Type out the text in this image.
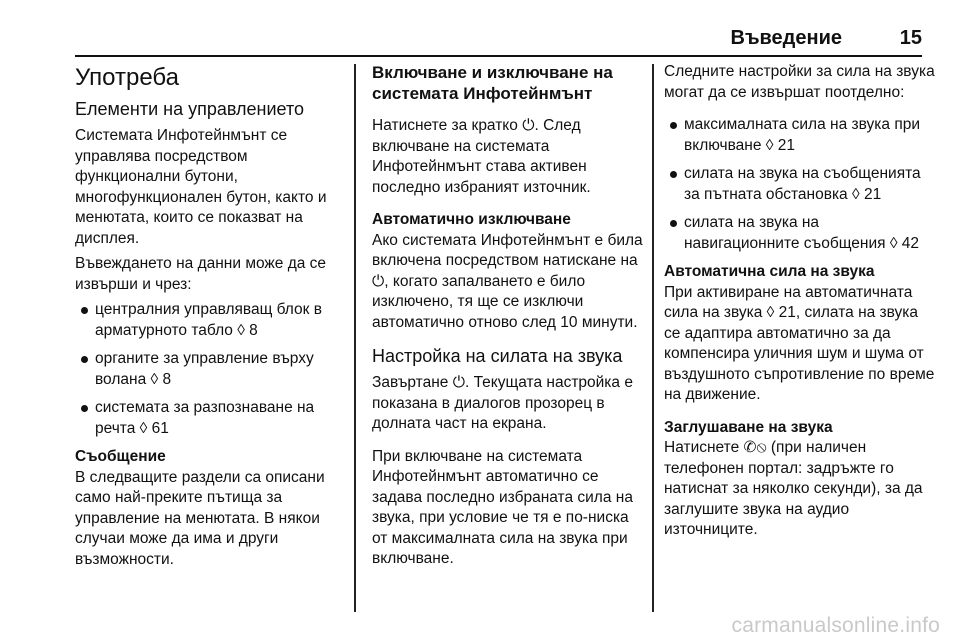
Въведение	15
Употреба
Елементи на управлението

Системата Инфотейнмънт се управлява посредством функционални бутони, многофункционален бутон, както и менютата, които се показват на дисплея.

Въвеждането на данни може да се извърши и чрез:

централния управляващ блок в арматурното табло ◊ 8
органите за управление върху волана ◊ 8
системата за разпознаване на речта ◊ 61
Съобщение

В следващите раздели са описани само най-преките пътища за управление на менютата. В някои случаи може да има и други възможности.

Включване и изключване на системата Инфотейнмънт

Натиснете за кратко ⏻. След включване на системата Инфотейнмънт става активен последно избраният източник.

Автоматично изключване

Ако системата Инфотейнмънт е била включена посредством натискане на ⏻, когато запалването е било изключено, тя ще се изключи автоматично отново след 10 минути.

Настройка на силата на звука

Завъртане ⏻. Текущата настройка е показана в диалогов прозорец в долната част на екрана.

При включване на системата Инфотейнмънт автоматично се задава последно избраната сила на звука, при условие че тя е по-ниска от максималната сила на звука при включване.

Следните настройки за сила на звука могат да се извършат поотделно:

максималната сила на звука при включване ◊ 21
силата на звука на съобщенията за пътната обстановка ◊ 21
силата на звука на навигационните съобщения ◊ 42
Автоматична сила на звука

При активиране на автоматичната сила на звука ◊ 21, силата на звука се адаптира автоматично за да компенсира уличния шум и шума от въздушното съпротивление по време на движение.

Заглушаване на звука

Натиснете ✆⦸ (при наличен телефонен портал: задръжте го натиснат за няколко секунди), за да заглушите звука на аудио източниците.

carmanualsonline.info
